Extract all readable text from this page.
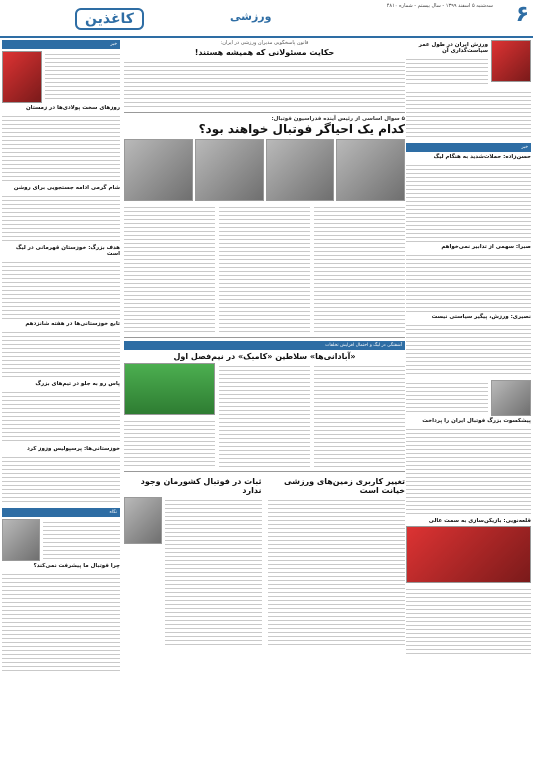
۶
سه‌شنبه ۵ اسفند ۱۳۹۹ - سال بیستم - شماره ۴۸۱۰
ورزشی
کاغذین
ورزش ایران در طول عمر سیاست‌گذاری آن
خبر
حسن‌زاده: حملات‌شدید به هنگام لیگ
صبرا: سهمی از تدابیر نمی‌خواهم
نصیری: ورزش، پیگیر سیاستی نیست
پیشکسوت بزرگ فوتبال ایران را پرداخت
قلعه‌نویی: بازیکن‌سازی به سمت عالی
خبر
روزهای سخت پولادی‌ها در زمستان
شام گرمی ادامه جستجویی برای روشن
هدف بزرگ: خوزستان قهرمانی در لیگ است
تابع خوزستانی‌ها در هفته شانزدهم
پاس رو به جلو در تیم‌های بزرگ
خوزستانی‌ها: پرسپولیس وزوز کرد
نگاه
چرا فوتبال ما پیشرفت نمی‌کند؟
قانون پاسخگویی مدیران ورزشی در ایران:
حکایت مسئولانی که همیشه هستند!
۵ سوال اساسی از رئیس آینده فدراسیون فوتبال:
کدام یک احیاگر فوتبال خواهند بود؟
آشفتگی در لیگ و احتمال افزایش تخلفات
«آبادانی‌ها» سلاطین «کامبک» در نیم‌فصل اول
تغییر کاربری زمین‌های ورزشی خیانت است
ثبات در فوتبال کشورمان وجود ندارد
